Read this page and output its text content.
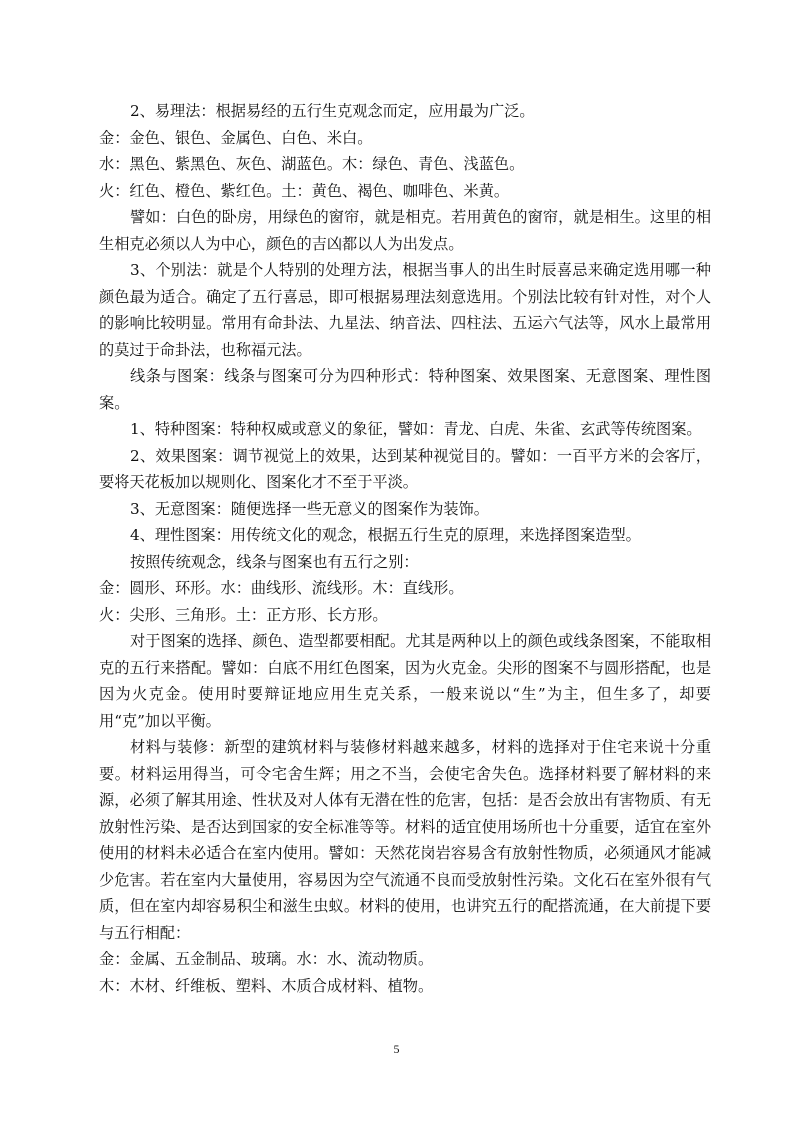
2、易理法：根据易经的五行生克观念而定，应用最为广泛。

金：金色、银色、金属色、白色、米白。

水：黑色、紫黑色、灰色、湖蓝色。木：绿色、青色、浅蓝色。

火：红色、橙色、紫红色。土：黄色、褐色、咖啡色、米黄。

譬如：白色的卧房，用绿色的窗帘，就是相克。若用黄色的窗帘，就是相生。这里的相生相克必须以人为中心，颜色的吉凶都以人为出发点。

3、个别法：就是个人特别的处理方法，根据当事人的出生时辰喜忌来确定选用哪一种颜色最为适合。确定了五行喜忌，即可根据易理法刻意选用。个别法比较有针对性，对个人的影响比较明显。常用有命卦法、九星法、纳音法、四柱法、五运六气法等，风水上最常用的莫过于命卦法，也称福元法。

线条与图案：线条与图案可分为四种形式：特种图案、效果图案、无意图案、理性图案。

1、特种图案：特种权威或意义的象征，譬如：青龙、白虎、朱雀、玄武等传统图案。

2、效果图案：调节视觉上的效果，达到某种视觉目的。譬如：一百平方米的会客厅，要将天花板加以规则化、图案化才不至于平淡。

3、无意图案：随便选择一些无意义的图案作为装饰。

4、理性图案：用传统文化的观念，根据五行生克的原理，来选择图案造型。

按照传统观念，线条与图案也有五行之别：

金：圆形、环形。水：曲线形、流线形。木：直线形。

火：尖形、三角形。土：正方形、长方形。

对于图案的选择、颜色、造型都要相配。尤其是两种以上的颜色或线条图案，不能取相克的五行来搭配。譬如：白底不用红色图案，因为火克金。尖形的图案不与圆形搭配，也是因为火克金。使用时要辩证地应用生克关系，一般来说以“生”为主，但生多了，却要用“克”加以平衡。

材料与装修：新型的建筑材料与装修材料越来越多，材料的选择对于住宅来说十分重要。材料运用得当，可令宅舍生辉；用之不当，会使宅舍失色。选择材料要了解材料的来源，必须了解其用途、性状及对人体有无潜在性的危害，包括：是否会放出有害物质、有无放射性污染、是否达到国家的安全标准等等。材料的适宜使用场所也十分重要，适宜在室外使用的材料未必适合在室内使用。譬如：天然花岗岩容易含有放射性物质，必须通风才能减少危害。若在室内大量使用，容易因为空气流通不良而受放射性污染。文化石在室外很有气质，但在室内却容易积尘和滋生虫蚁。材料的使用，也讲究五行的配搭流通，在大前提下要与五行相配：

金：金属、五金制品、玻璃。水：水、流动物质。

木：木材、纤维板、塑料、木质合成材料、植物。

5
